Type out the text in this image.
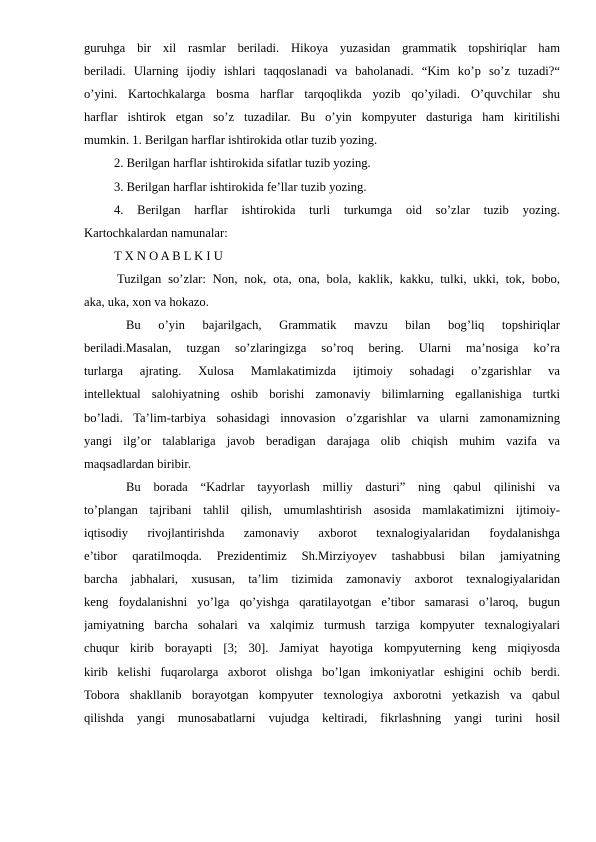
guruhga bir xil rasmlar beriladi. Hikoya yuzasidan grammatik topshiriqlar ham
beriladi. Ularning ijodiy ishlari taqqoslanadi va baholanadi. “Kim ko’p so’z tuzadi?“
o’yini. Kartochkalarga bosma harflar tarqoqlikda yozib qo’yiladi. O’quvchilar shu
harflar ishtirok etgan so’z tuzadilar. Bu o’yin kompyuter dasturiga ham kiritilishi
mumkin. 1. Berilgan harflar ishtirokida otlar tuzib yozing.
2. Berilgan harflar ishtirokida sifatlar tuzib yozing.
3. Berilgan harflar ishtirokida fe’llar tuzib yozing.
4. Berilgan harflar ishtirokida turli turkumga oid so’zlar tuzib yozing.
Kartochkalardan namunalar:
T X N O A B L K I U
Tuzilgan so’zlar: Non, nok, ota, ona, bola, kaklik, kakku, tulki, ukki, tok, bobo,
aka, uka, xon va hokazo.
Bu o’yin bajarilgach, Grammatik mavzu bilan bog’liq topshiriqlar
beriladi.Masalan, tuzgan so’zlaringizga so’roq bering. Ularni ma’nosiga ko’ra
turlarga ajrating. Xulosa Mamlakatimizda ijtimoiy sohadagi o’zgarishlar va
intellektual salohiyatning oshib borishi zamonaviy bilimlarning egallanishiga turtki
bo’ladi. Ta’lim-tarbiya sohasidagi innovasion o’zgarishlar va ularni zamonamizning
yangi ilg’or talablariga javob beradigan darajaga olib chiqish muhim vazifa va
maqsadlardan biribir.
Bu borada “Kadrlar tayyorlash milliy dasturi” ning qabul qilinishi va
to’plangan tajribani tahlil qilish, umumlashtirish asosida mamlakatimizni ijtimoiy-
iqtisodiy rivojlantirishda zamonaviy axborot texnalogiyalaridan foydalanishga
e’tibor qaratilmoqda. Prezidentimiz Sh.Mirziyoyev tashabbusi bilan jamiyatning
barcha jabhalari, xususan, ta’lim tizimida zamonaviy axborot texnalogiyalaridan
keng foydalanishni yo’lga qo’yishga qaratilayotgan e’tibor samarasi o’laroq, bugun
jamiyatning barcha sohalari va xalqimiz turmush tarziga kompyuter texnalogiyalari
chuqur kirib borayapti [3; 30]. Jamiyat hayotiga kompyuterning keng miqiyosda
kirib kelishi fuqarolarga axborot olishga bo’lgan imkoniyatlar eshigini ochib berdi.
Tobora shakllanib borayotgan kompyuter texnologiya axborotni yetkazish va qabul
qilishda yangi munosabatlarni vujudga keltiradi, fikrlashning yangi turini hosil
